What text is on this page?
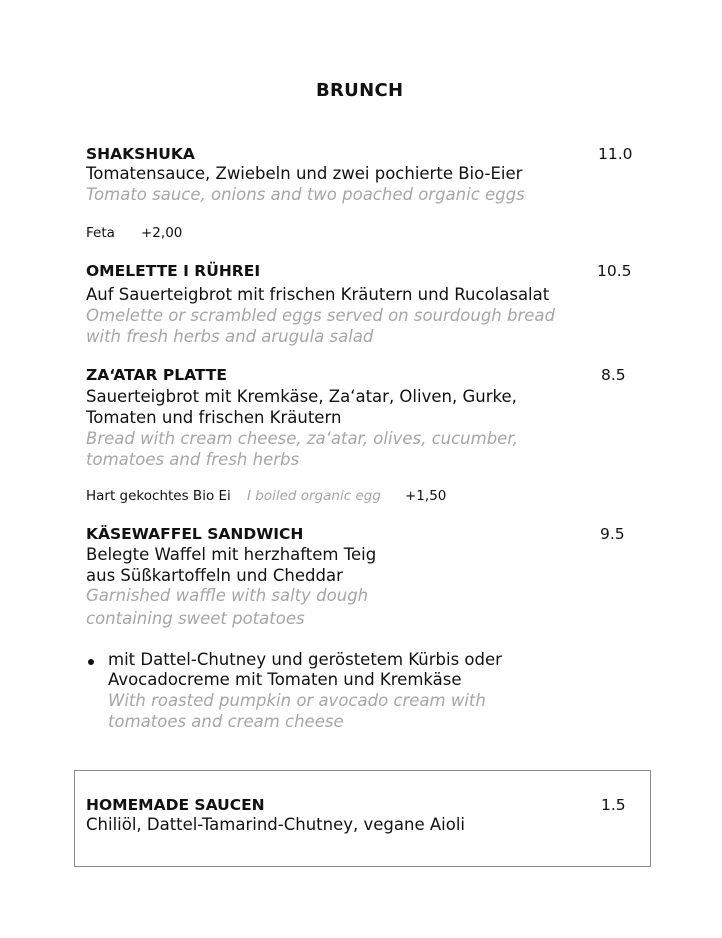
BRUNCH
SHAKSHUKA	11.0
Tomatensauce, Zwiebeln und zwei pochierte Bio-Eier
Tomato sauce, onions and two poached organic eggs
Feta +2,00
OMELETTE I RÜHREI	10.5
Auf Sauerteigbrot mit frischen Kräutern und Rucolasalat
Omelette or scrambled eggs served on sourdough bread
with fresh herbs and arugula salad
ZA‘ATAR PLATTE	8.5
Sauerteigbrot mit Kremkäse, Za‘atar, Oliven, Gurke,
Tomaten und frischen Kräutern
Bread with cream cheese, za‘atar, olives, cucumber,
tomatoes and fresh herbs
Hart gekochtes Bio Ei I boiled organic egg +1,50
KÄSEWAFFEL SANDWICH	9.5
Belegte Waffel mit herzhaftem Teig
aus Süßkartoffeln und Cheddar
Garnished waffle with salty dough
containing sweet potatoes
mit Dattel-Chutney und geröstetem Kürbis oder
Avocadocreme mit Tomaten und Kremkäse
With roasted pumpkin or avocado cream with
tomatoes and cream cheese
HOMEMADE SAUCEN	1.5
Chiliöl, Dattel-Tamarind-Chutney, vegane Aioli
